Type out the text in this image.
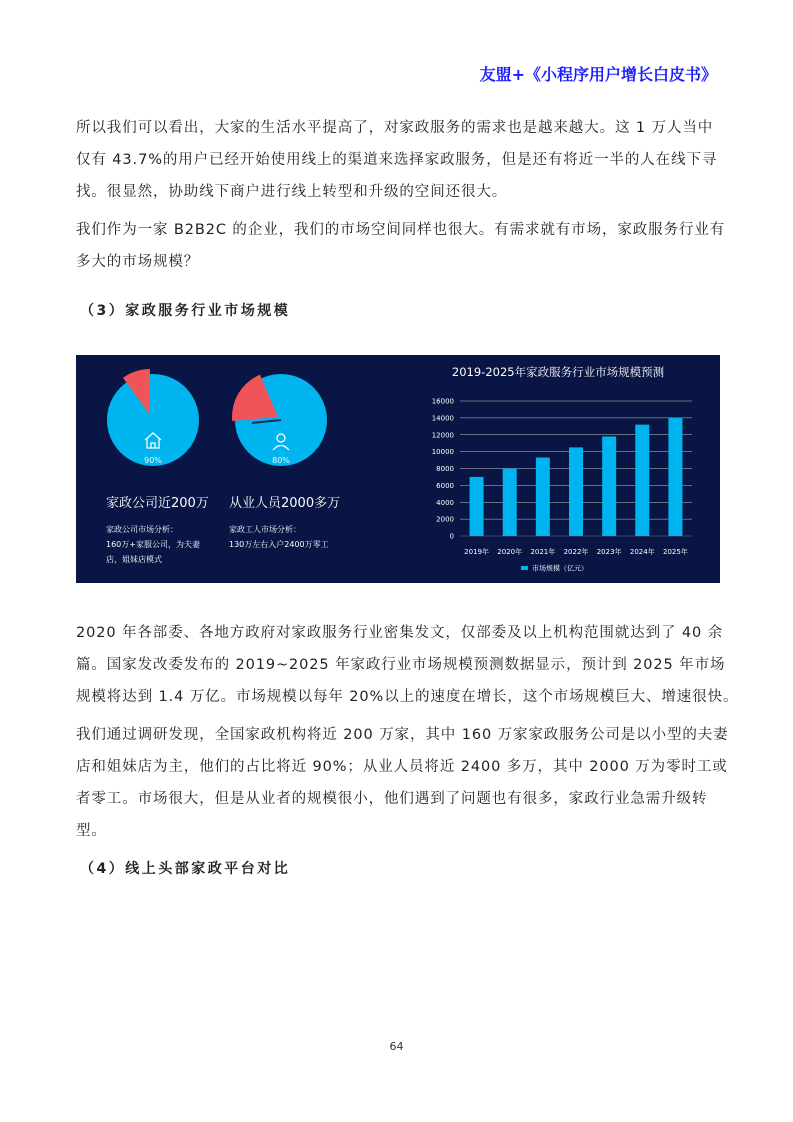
友盟+《小程序用户增长白皮书》

所以我们可以看出，大家的生活水平提高了，对家政服务的需求也是越来越大。这 1 万人当中
仅有 43.7%的用户已经开始使用线上的渠道来选择家政服务，但是还有将近一半的人在线下寻
找。很显然，协助线下商户进行线上转型和升级的空间还很大。

我们作为一家 B2B2C 的企业，我们的市场空间同样也很大。有需求就有市场，家政服务行业有
多大的市场规模？

（3）家政服务行业市场规模
90%	80%
家政公司近200万
家政公司市场分析：
160万+家服公司，为夫妻
店，姐妹店模式
从业人员2000多万
家政工人市场分析：
130万左右入户2400万零工
2019-2025年家政服务行业市场规模预测
0
2000
4000
6000
8000
10000
12000
14000
16000
2019年 2020年 2021年 2022年 2023年 2024年 2025年
市场规模（亿元）

2020 年各部委、各地方政府对家政服务行业密集发文，仅部委及以上机构范围就达到了 40 余
篇。国家发改委发布的 2019~2025 年家政行业市场规模预测数据显示，预计到 2025 年市场
规模将达到 1.4 万亿。市场规模以每年 20%以上的速度在增长，这个市场规模巨大、增速很快。

我们通过调研发现，全国家政机构将近 200 万家，其中 160 万家家政服务公司是以小型的夫妻
店和姐妹店为主，他们的占比将近 90%；从业人员将近 2400 多万，其中 2000 万为零时工或
者零工。市场很大，但是从业者的规模很小，他们遇到了问题也有很多，家政行业急需升级转
型。

（4）线上头部家政平台对比
64
